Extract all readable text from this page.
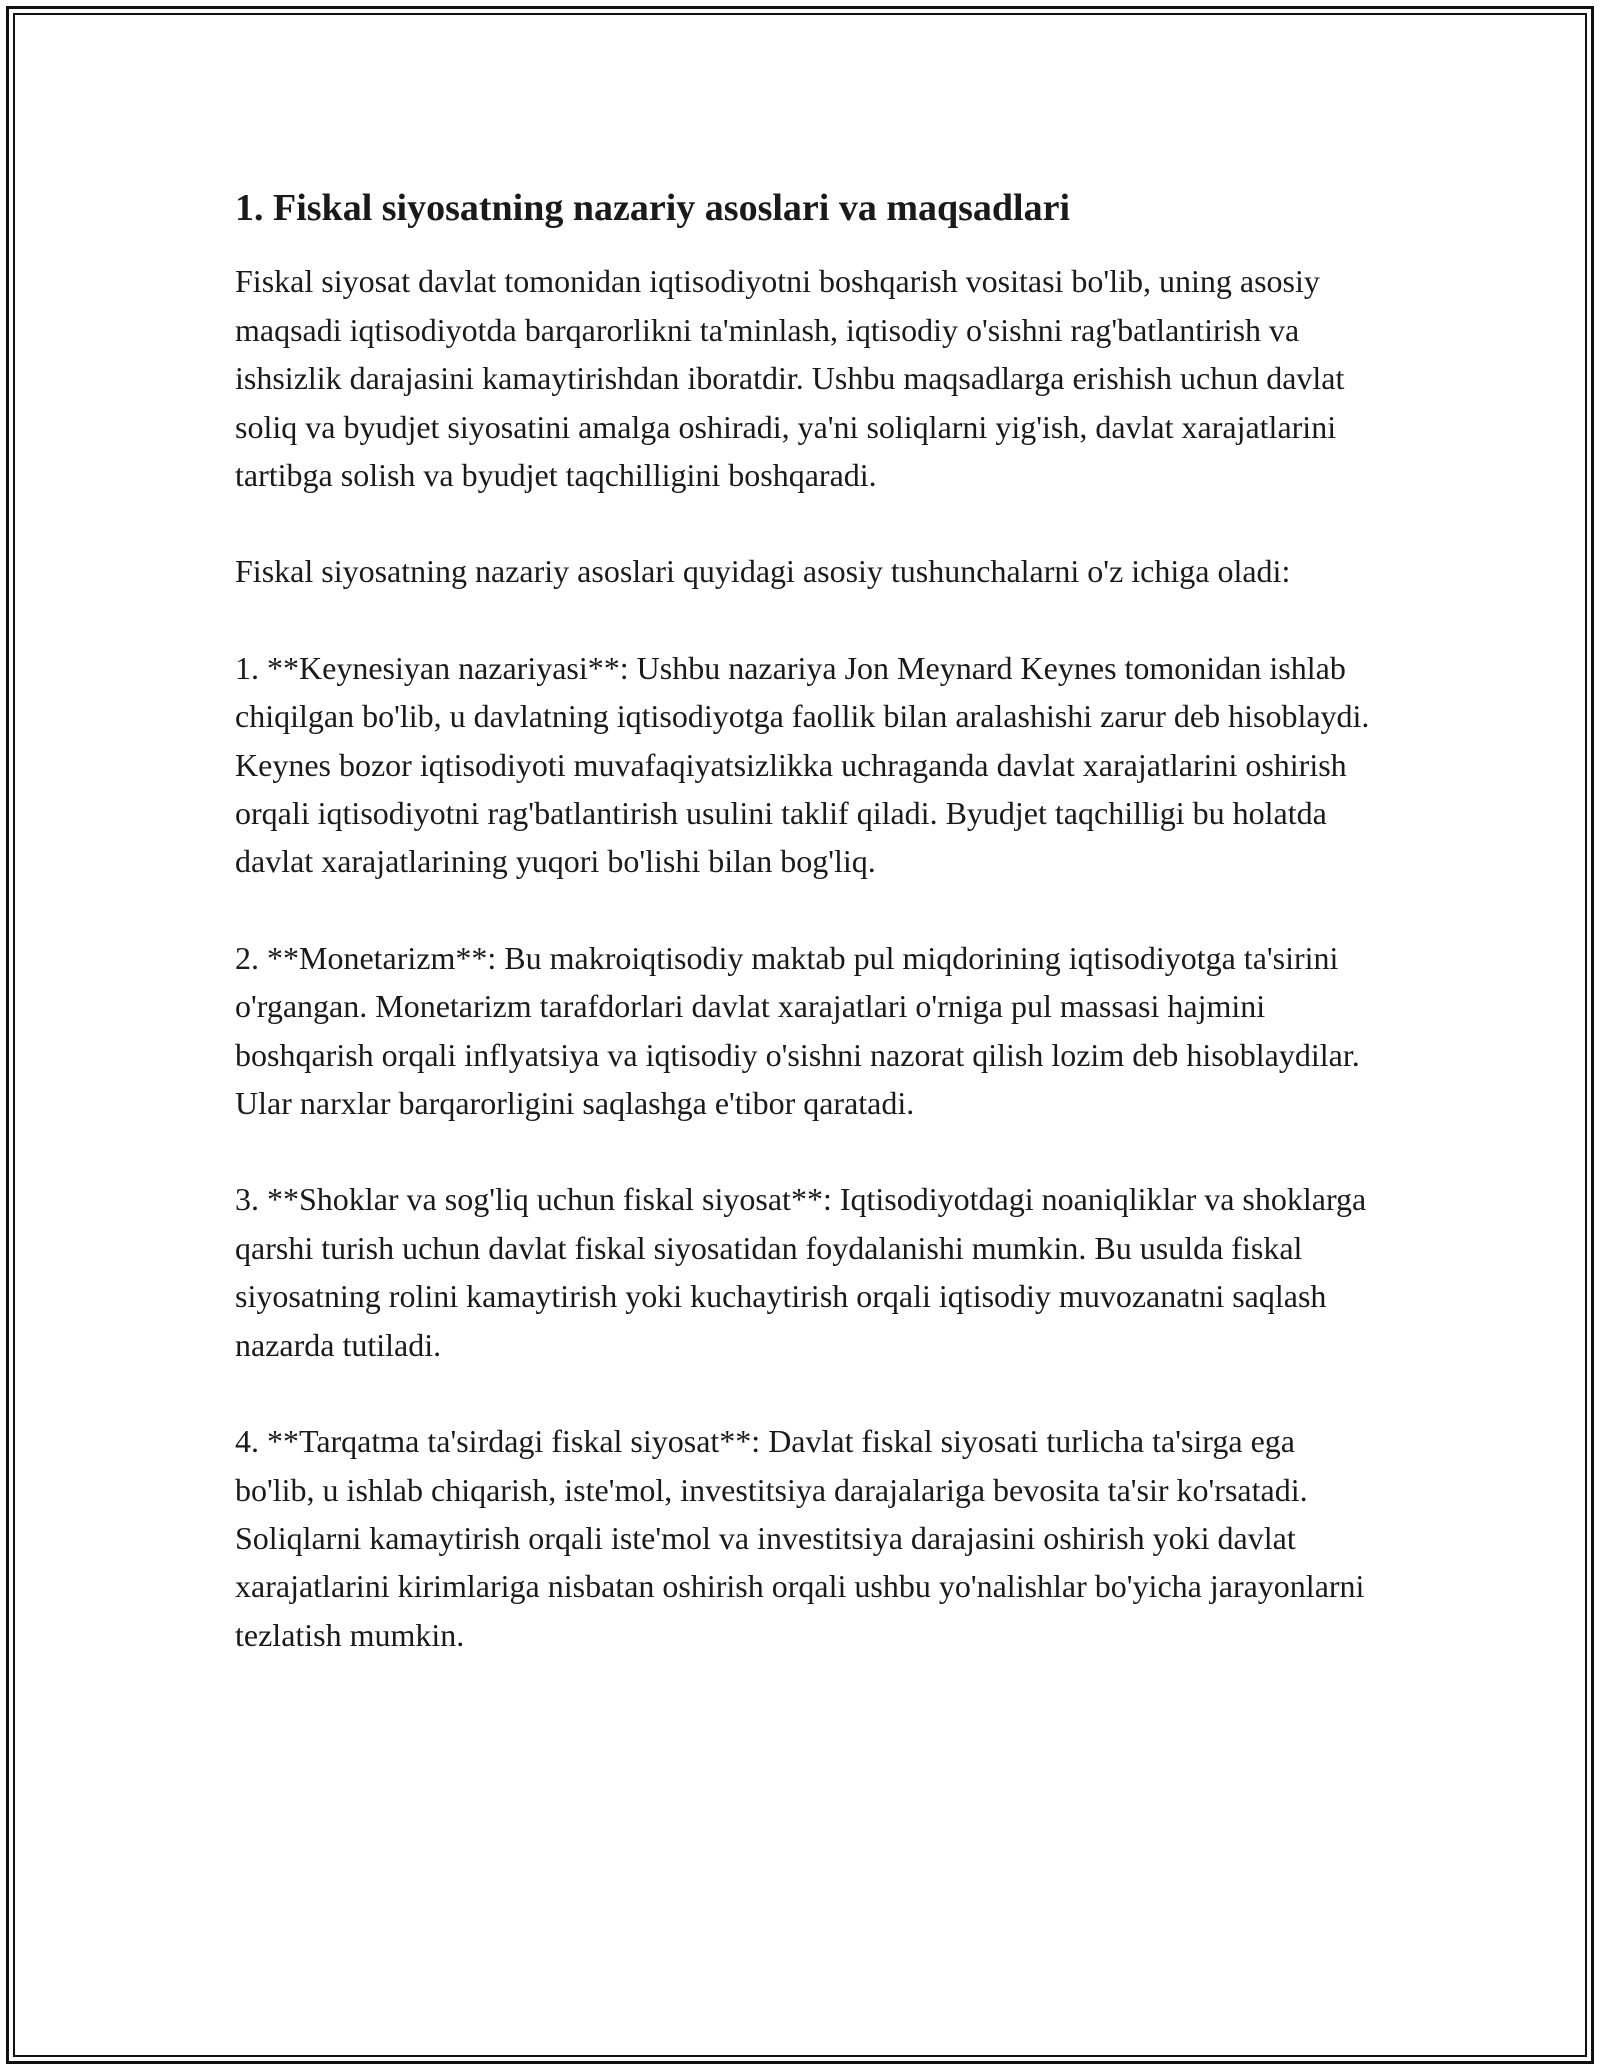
1. Fiskal siyosatning nazariy asoslari va maqsadlari

Fiskal siyosat davlat tomonidan iqtisodiyotni boshqarish vositasi bo'lib, uning asosiy maqsadi iqtisodiyotda barqarorlikni ta'minlash, iqtisodiy o'sishni rag'batlantirish va ishsizlik darajasini kamaytirishdan iboratdir. Ushbu maqsadlarga erishish uchun davlat soliq va byudjet siyosatini amalga oshiradi, ya'ni soliqlarni yig'ish, davlat xarajatlarini tartibga solish va byudjet taqchilligini boshqaradi.

Fiskal siyosatning nazariy asoslari quyidagi asosiy tushunchalarni o'z ichiga oladi:

1. **Keynesiyan nazariyasi**: Ushbu nazariya Jon Meynard Keynes tomonidan ishlab chiqilgan bo'lib, u davlatning iqtisodiyotga faollik bilan aralashishi zarur deb hisoblaydi. Keynes bozor iqtisodiyoti muvafaqiyatsizlikka uchraganda davlat xarajatlarini oshirish orqali iqtisodiyotni rag'batlantirish usulini taklif qiladi. Byudjet taqchilligi bu holatda davlat xarajatlarining yuqori bo'lishi bilan bog'liq.

2. **Monetarizm**: Bu makroiqtisodiy maktab pul miqdorining iqtisodiyotga ta'sirini o'rgangan. Monetarizm tarafdorlari davlat xarajatlari o'rniga pul massasi hajmini boshqarish orqali inflyatsiya va iqtisodiy o'sishni nazorat qilish lozim deb hisoblaydilar. Ular narxlar barqarorligini saqlashga e'tibor qaratadi.

3. **Shoklar va sog'liq uchun fiskal siyosat**: Iqtisodiyotdagi noaniqliklar va shoklarga qarshi turish uchun davlat fiskal siyosatidan foydalanishi mumkin. Bu usulda fiskal siyosatning rolini kamaytirish yoki kuchaytirish orqali iqtisodiy muvozanatni saqlash nazarda tutiladi.

4. **Tarqatma ta'sirdagi fiskal siyosat**: Davlat fiskal siyosati turlicha ta'sirga ega bo'lib, u ishlab chiqarish, iste'mol, investitsiya darajalariga bevosita ta'sir ko'rsatadi. Soliqlarni kamaytirish orqali iste'mol va investitsiya darajasini oshirish yoki davlat xarajatlarini kirimlariga nisbatan oshirish orqali ushbu yo'nalishlar bo'yicha jarayonlarni tezlatish mumkin.
